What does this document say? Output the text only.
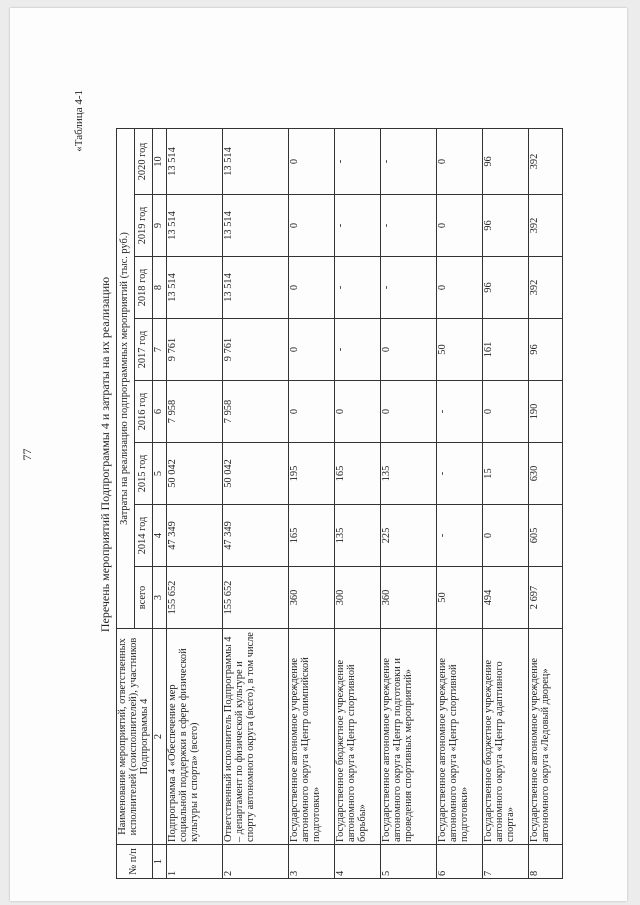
77
«Таблица 4-1
Перечень мероприятий Подпрограммы 4 и затраты на их реализацию
№ п/п	Наименование мероприятий, ответственных исполнителей (соисполнителей), участников Подпрограммы 4	Затраты на реализацию подпрограммных мероприятий (тыс. руб.)							
		всего	2014 год	2015 год	2016 год	2017 год	2018 год	2019 год	2020 год
1	2	3	4	5	6	7	8	9	10
1	Подпрограмма 4 «Обеспечение мер социальной поддержки в сфере физической культуры и спорта» (всего)	155 652	47 349	50 042	7 958	9 761	13 514	13 514	13 514
2	Ответственный исполнитель Подпрограммы 4 – департамент по физической культуре и спорту автономного округа (всего), в том числе	155 652	47 349	50 042	7 958	9 761	13 514	13 514	13 514
3	Государственное автономное учреждение автономного округа «Центр олимпийской подготовки»	360	165	195	0	0	0	0	0
4	Государственное бюджетное учреждение автономного округа «Центр спортивной борьбы»	300	135	165	0	-	-	-	-
5	Государственное автономное учреждение автономного округа «Центр подготовки и проведения спортивных мероприятий»	360	225	135	0	0	-	-	-
6	Государственное автономное учреждение автономного округа «Центр спортивной подготовки»	50	-	-	-	50	0	0	0
7	Государственное бюджетное учреждение автономного округа «Центр адаптивного спорта»	494	0	15	0	161	96	96	96
8	Государственное автономное учреждение автономного округа «Ледовый дворец»	2 697	605	630	190	96	392	392	392
